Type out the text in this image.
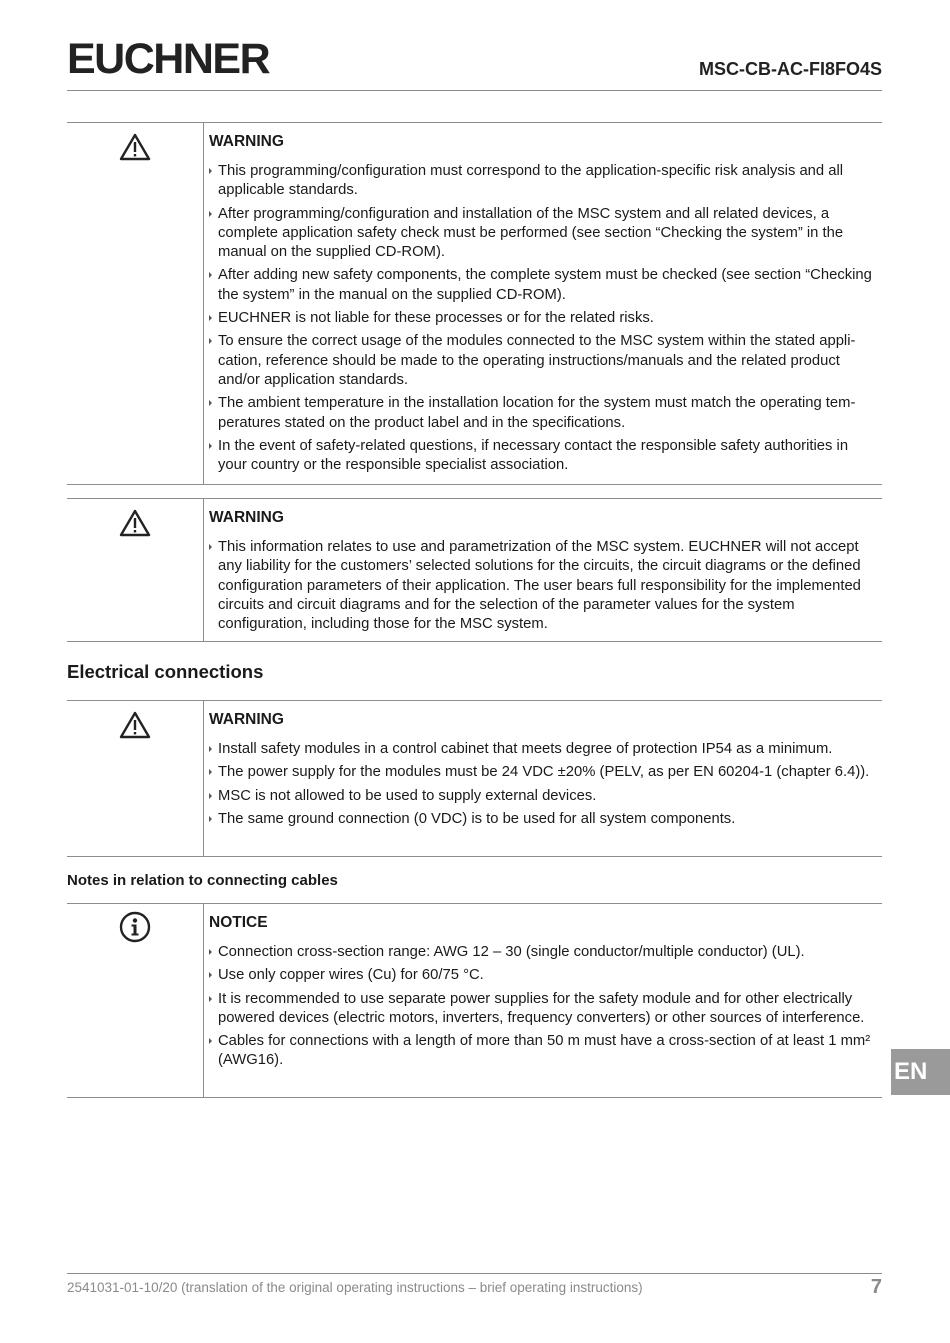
EUCHNER	MSC-CB-AC-FI8FO4S
WARNING
This programming/configuration must correspond to the application-specific risk analysis and all applicable standards.
After programming/configuration and installation of the MSC system and all related devices, a complete application safety check must be performed (see section “Checking the system” in the manual on the supplied CD-ROM).
After adding new safety components, the complete system must be checked (see section “Checking the system” in the manual on the supplied CD-ROM).
EUCHNER is not liable for these processes or for the related risks.
To ensure the correct usage of the modules connected to the MSC system within the stated application, reference should be made to the operating instructions/manuals and the related product and/or application standards.
The ambient temperature in the installation location for the system must match the operating temperatures stated on the product label and in the specifications.
In the event of safety-related questions, if necessary contact the responsible safety authorities in your country or the responsible specialist association.
WARNING
This information relates to use and parametrization of the MSC system. EUCHNER will not accept any liability for the customers’ selected solutions for the circuits, the circuit diagrams or the defined configuration parameters of their application. The user bears full responsibility for the implemented circuits and circuit diagrams and for the selection of the parameter values for the system configuration, including those for the MSC system.
Electrical connections
WARNING
Install safety modules in a control cabinet that meets degree of protection IP54 as a minimum.
The power supply for the modules must be 24 VDC ±20% (PELV, as per EN 60204-1 (chapter 6.4)).
MSC is not allowed to be used to supply external devices.
The same ground connection (0 VDC) is to be used for all system components.
Notes in relation to connecting cables
NOTICE
Connection cross-section range: AWG 12 – 30 (single conductor/multiple conductor) (UL).
Use only copper wires (Cu) for 60/75 °C.
It is recommended to use separate power supplies for the safety module and for other electrically powered devices (electric motors, inverters, frequency converters) or other sources of interference.
Cables for connections with a length of more than 50 m must have a cross-section of at least 1 mm² (AWG16).	EN
2541031-01-10/20 (translation of the original operating instructions – brief operating instructions)	7
